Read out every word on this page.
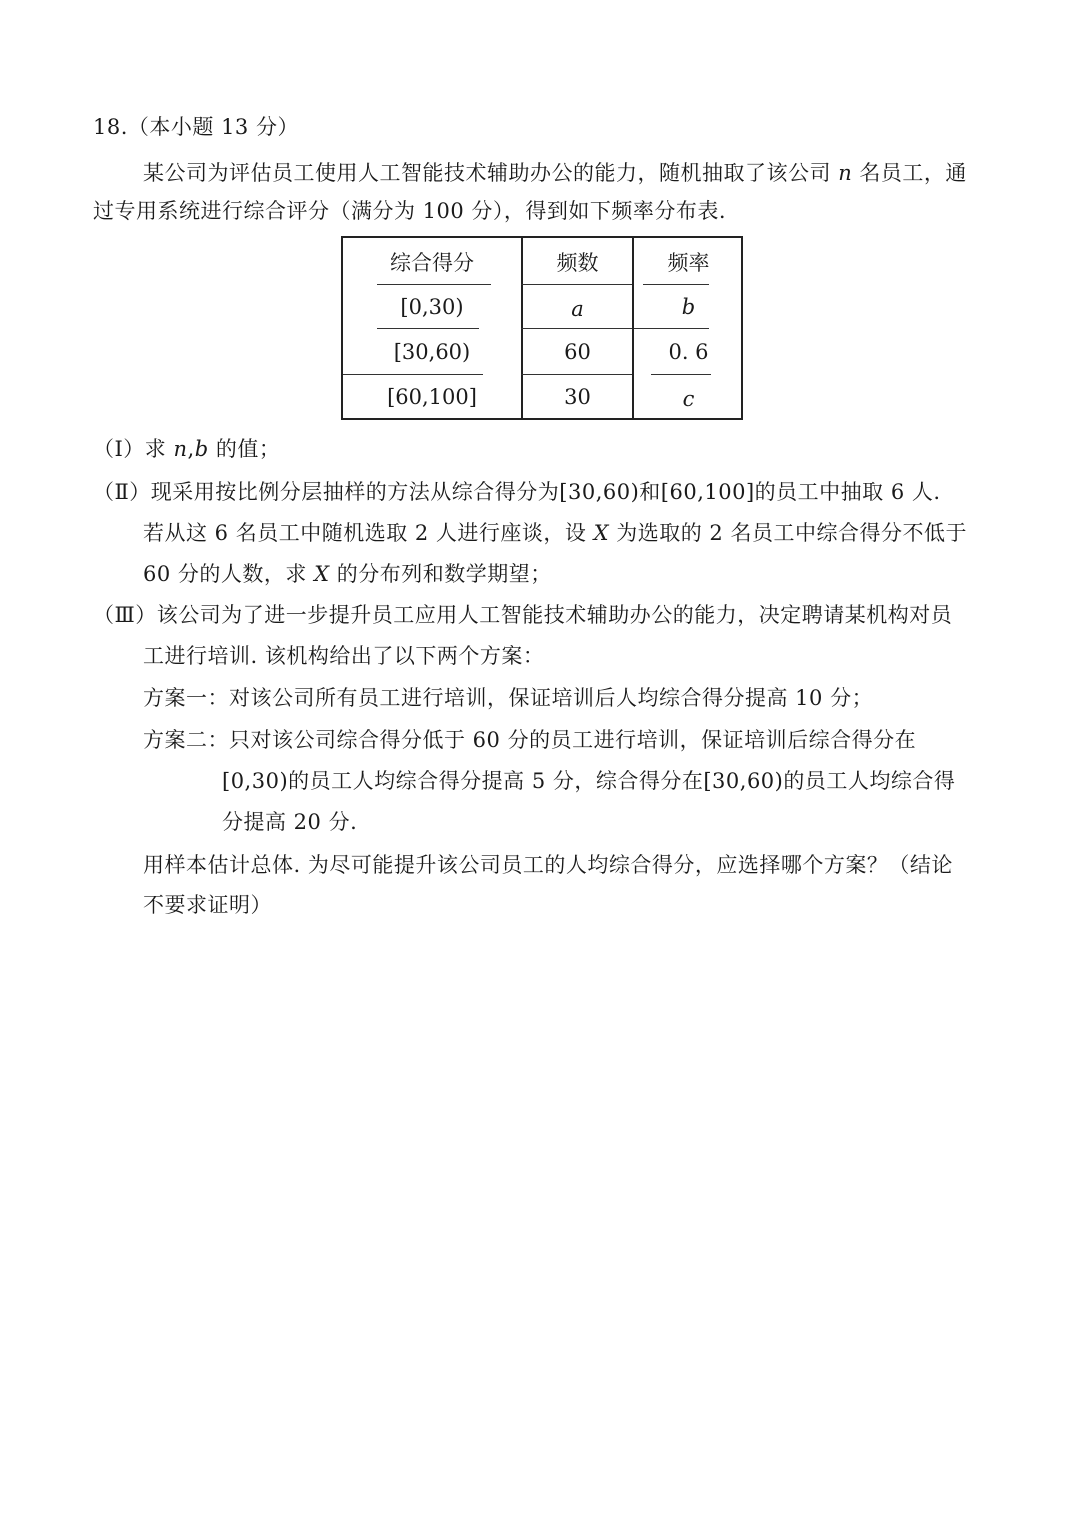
18.（本小题 13 分）
某公司为评估员工使用人工智能技术辅助办公的能力，随机抽取了该公司 n 名员工，通
过专用系统进行综合评分（满分为 100 分），得到如下频率分布表.
综合得分	频数	频率
[0,30)	a	b
[30,60)	60	0. 6
[60,100]	30	c
（Ⅰ）求 n,b 的值；
（Ⅱ）现采用按比例分层抽样的方法从综合得分为[30,60)和[60,100]的员工中抽取 6 人.
若从这 6 名员工中随机选取 2 人进行座谈，设 X 为选取的 2 名员工中综合得分不低于
60 分的人数，求 X 的分布列和数学期望；
（Ⅲ）该公司为了进一步提升员工应用人工智能技术辅助办公的能力，决定聘请某机构对员
工进行培训. 该机构给出了以下两个方案：
方案一：对该公司所有员工进行培训，保证培训后人均综合得分提高 10 分；
方案二：只对该公司综合得分低于 60 分的员工进行培训，保证培训后综合得分在
[0,30)的员工人均综合得分提高 5 分，综合得分在[30,60)的员工人均综合得
分提高 20 分.
用样本估计总体. 为尽可能提升该公司员工的人均综合得分，应选择哪个方案？（结论
不要求证明）
